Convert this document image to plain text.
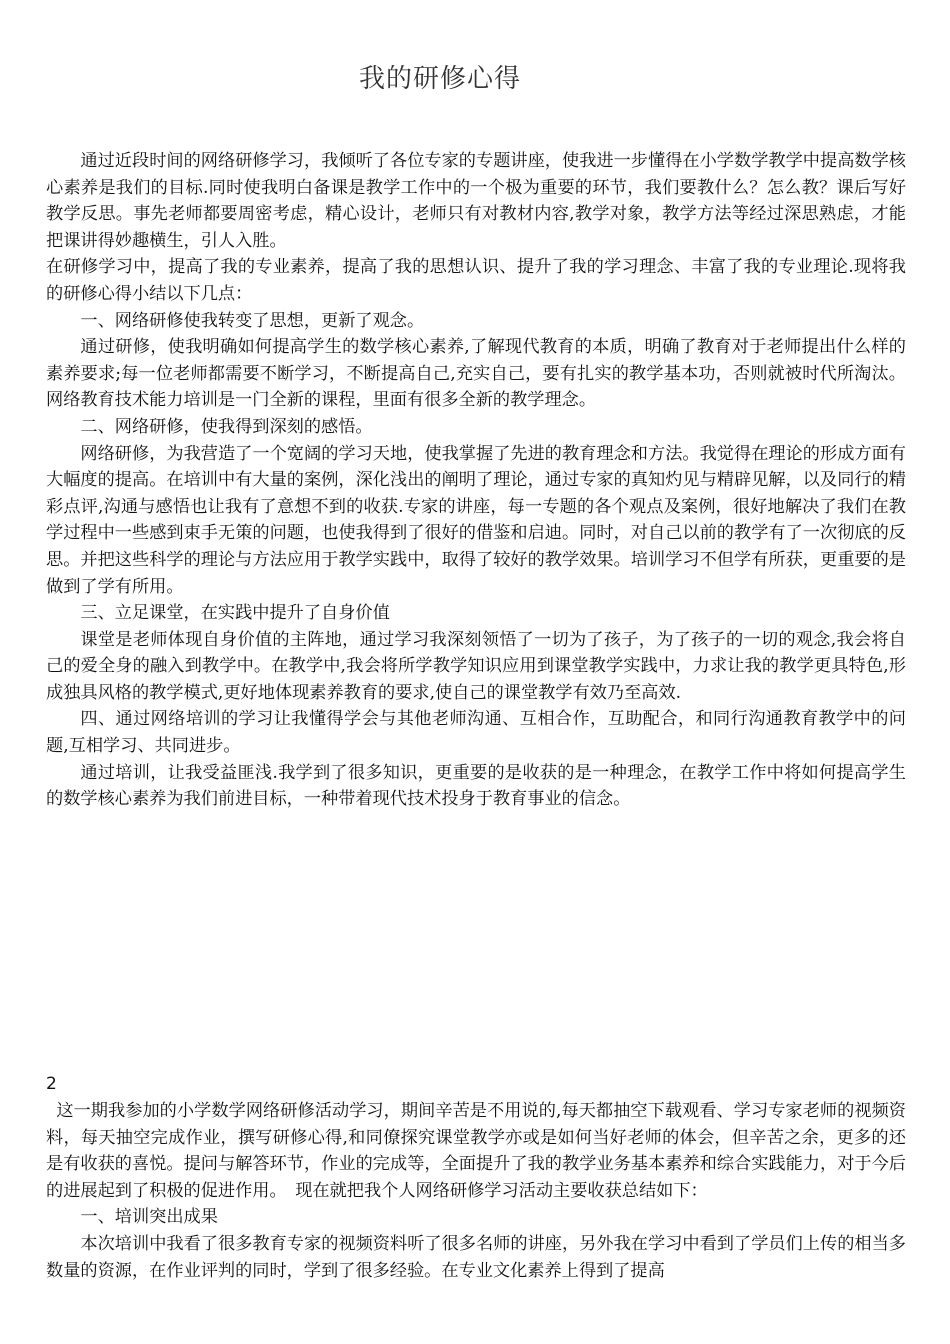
我的研修心得

通过近段时间的网络研修学习，我倾听了各位专家的专题讲座，使我进一步懂得在小学数学教学中提高数学核心素养是我们的目标.同时使我明白备课是教学工作中的一个极为重要的环节，我们要教什么？怎么教？课后写好教学反思。事先老师都要周密考虑，精心设计，老师只有对教材内容,教学对象，教学方法等经过深思熟虑，才能把课讲得妙趣横生，引人入胜。

在研修学习中，提高了我的专业素养，提高了我的思想认识、提升了我的学习理念、丰富了我的专业理论.现将我的研修心得小结以下几点：

一、网络研修使我转变了思想，更新了观念。

通过研修，使我明确如何提高学生的数学核心素养,了解现代教育的本质，明确了教育对于老师提出什么样的素养要求;每一位老师都需要不断学习，不断提高自己,充实自己，要有扎实的教学基本功，否则就被时代所淘汰。网络教育技术能力培训是一门全新的课程，里面有很多全新的教学理念。

二、网络研修，使我得到深刻的感悟。

网络研修，为我营造了一个宽阔的学习天地，使我掌握了先进的教育理念和方法。我觉得在理论的形成方面有大幅度的提高。在培训中有大量的案例，深化浅出的阐明了理论，通过专家的真知灼见与精辟见解，以及同行的精彩点评,沟通与感悟也让我有了意想不到的收获.专家的讲座，每一专题的各个观点及案例，很好地解决了我们在教学过程中一些感到束手无策的问题，也使我得到了很好的借鉴和启迪。同时，对自己以前的教学有了一次彻底的反思。并把这些科学的理论与方法应用于教学实践中，取得了较好的教学效果。培训学习不但学有所获，更重要的是做到了学有所用。

三、立足课堂，在实践中提升了自身价值

课堂是老师体现自身价值的主阵地，通过学习我深刻领悟了一切为了孩子，为了孩子的一切的观念,我会将自己的爱全身的融入到教学中。在教学中,我会将所学教学知识应用到课堂教学实践中，力求让我的教学更具特色,形成独具风格的教学模式,更好地体现素养教育的要求,使自己的课堂教学有效乃至高效.

四、通过网络培训的学习让我懂得学会与其他老师沟通、互相合作，互助配合，和同行沟通教育教学中的问题,互相学习、共同进步。

通过培训，让我受益匪浅.我学到了很多知识，更重要的是收获的是一种理念，在教学工作中将如何提高学生的数学核心素养为我们前进目标，一种带着现代技术投身于教育事业的信念。

2

这一期我参加的小学数学网络研修活动学习，期间辛苦是不用说的,每天都抽空下载观看、学习专家老师的视频资料，每天抽空完成作业，撰写研修心得,和同僚探究课堂教学亦或是如何当好老师的体会，但辛苦之余，更多的还是有收获的喜悦。提问与解答环节，作业的完成等，全面提升了我的教学业务基本素养和综合实践能力，对于今后的进展起到了积极的促进作用。　现在就把我个人网络研修学习活动主要收获总结如下：

一、培训突出成果

本次培训中我看了很多教育专家的视频资料听了很多名师的讲座，另外我在学习中看到了学员们上传的相当多数量的资源，在作业评判的同时，学到了很多经验。在专业文化素养上得到了提高
